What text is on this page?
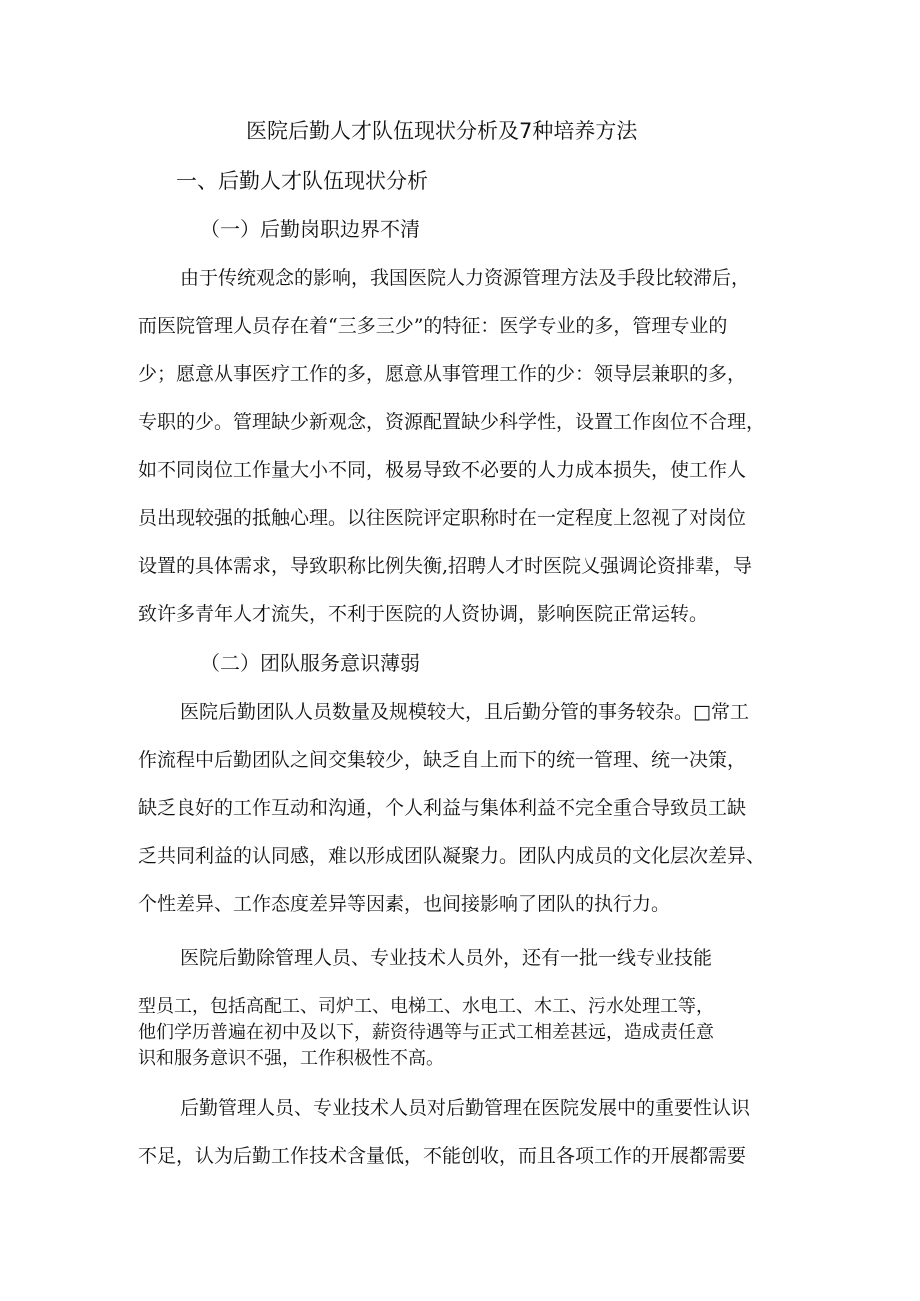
医院后勤人才队伍现状分析及7种培养方法
一、后勤人才队伍现状分析
（一）后勤岗职边界不清
由于传统观念的影响，我国医院人力资源管理方法及手段比较滞后，
而医院管理人员存在着“三多三少”的特征：医学专业的多，管理专业的
少；愿意从事医疗工作的多，愿意从事管理工作的少：领导层兼职的多，
专职的少。管理缺少新观念，资源配置缺少科学性，设置工作囱位不合理，
如不同岗位工作量大小不同，极易导致不必要的人力成本损失，使工作人
员出现较强的抵触心理。以往医院评定职称时在一定程度上忽视了对岗位
设置的具体需求，导致职称比例失衡,招聘人才时医院乂强调论资排辈，导
致许多青年人才流失，不利于医院的人资协调，影响医院正常运转。
（二）团队服务意识薄弱
医院后勤团队人员数量及规模较大，且后勤分管的事务较杂。□常工
作流程中后勤团队之间交集较少，缺乏自上而下的统一管理、统一决策，
缺乏良好的工作互动和沟通，个人利益与集体利益不完全重合导致员工缺
乏共同利益的认同感，难以形成团队凝聚力。团队内成员的文化层次差异、
个性差异、工作态度差异等因素，也间接影响了团队的执行力。
医院后勤除管理人员、专业技术人员外，还有一批一线专业技能
型员工，包括高配工、司炉工、电梯工、水电工、木工、污水处理工等，
他们学历普遍在初中及以下，薪资待遇等与正式工相差甚远，造成责任意
识和服务意识不强，工作积极性不高。
后勤管理人员、专业技术人员对后勤管理在医院发展中的重要性认识
不足，认为后勤工作技术含量低，不能创收，而且各项工作的开展都需要
